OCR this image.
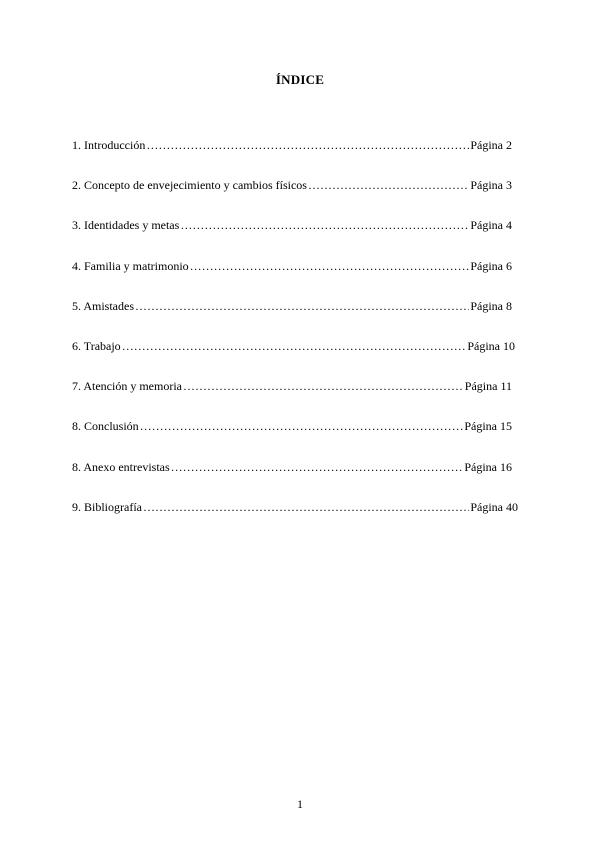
ÍNDICE
1. Introducción ……………………………………………………………………………………………………………………………………………………………………	Página 2
2. Concepto de envejecimiento y cambios físicos ……………………………………………………………………………………………………………………………………………………………………	Página 3
3. Identidades y metas ……………………………………………………………………………………………………………………………………………………………………	Página 4
4. Familia y matrimonio ……………………………………………………………………………………………………………………………………………………………………	Página 6
5. Amistades ……………………………………………………………………………………………………………………………………………………………………	Página 8
6. Trabajo ……………………………………………………………………………………………………………………………………………………………………	Página 10
7. Atención y memoria ……………………………………………………………………………………………………………………………………………………………………	Página 11
8. Conclusión ……………………………………………………………………………………………………………………………………………………………………	Página 15
8. Anexo entrevistas ……………………………………………………………………………………………………………………………………………………………………	Página 16
9. Bibliografía ……………………………………………………………………………………………………………………………………………………………………	Página 40
1
